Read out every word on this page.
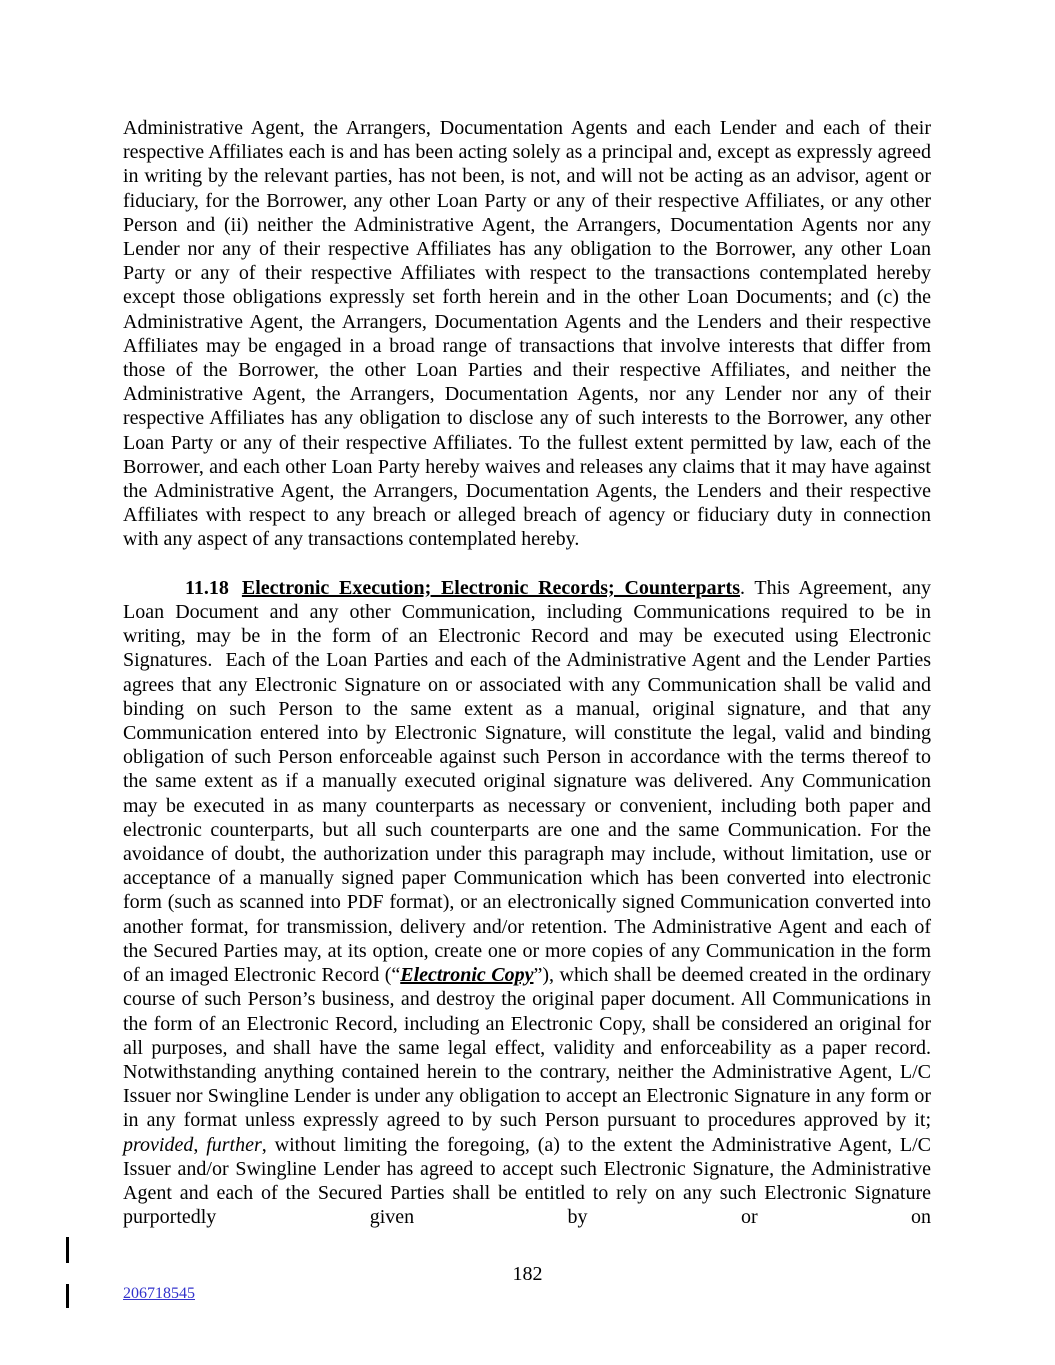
Administrative Agent, the Arrangers, Documentation Agents and each Lender and each of their respective Affiliates each is and has been acting solely as a principal and, except as expressly agreed in writing by the relevant parties, has not been, is not, and will not be acting as an advisor, agent or fiduciary, for the Borrower, any other Loan Party or any of their respective Affiliates, or any other Person and (ii) neither the Administrative Agent, the Arrangers, Documentation Agents nor any Lender nor any of their respective Affiliates has any obligation to the Borrower, any other Loan Party or any of their respective Affiliates with respect to the transactions contemplated hereby except those obligations expressly set forth herein and in the other Loan Documents; and (c) the Administrative Agent, the Arrangers, Documentation Agents and the Lenders and their respective Affiliates may be engaged in a broad range of transactions that involve interests that differ from those of the Borrower, the other Loan Parties and their respective Affiliates, and neither the Administrative Agent, the Arrangers, Documentation Agents, nor any Lender nor any of their respective Affiliates has any obligation to disclose any of such interests to the Borrower, any other Loan Party or any of their respective Affiliates. To the fullest extent permitted by law, each of the Borrower, and each other Loan Party hereby waives and releases any claims that it may have against the Administrative Agent, the Arrangers, Documentation Agents, the Lenders and their respective Affiliates with respect to any breach or alleged breach of agency or fiduciary duty in connection with any aspect of any transactions contemplated hereby.

11.18 Electronic Execution; Electronic Records; Counterparts. This Agreement, any Loan Document and any other Communication, including Communications required to be in writing, may be in the form of an Electronic Record and may be executed using Electronic Signatures.  Each of the Loan Parties and each of the Administrative Agent and the Lender Parties agrees that any Electronic Signature on or associated with any Communication shall be valid and binding on such Person to the same extent as a manual, original signature, and that any Communication entered into by Electronic Signature, will constitute the legal, valid and binding obligation of such Person enforceable against such Person in accordance with the terms thereof to the same extent as if a manually executed original signature was delivered. Any Communication may be executed in as many counterparts as necessary or convenient, including both paper and electronic counterparts, but all such counterparts are one and the same Communication. For the avoidance of doubt, the authorization under this paragraph may include, without limitation, use or acceptance of a manually signed paper Communication which has been converted into electronic form (such as scanned into PDF format), or an electronically signed Communication converted into another format, for transmission, delivery and/or retention. The Administrative Agent and each of the Secured Parties may, at its option, create one or more copies of any Communication in the form of an imaged Electronic Record (“Electronic Copy”), which shall be deemed created in the ordinary course of such Person’s business, and destroy the original paper document. All Communications in the form of an Electronic Record, including an Electronic Copy, shall be considered an original for all purposes, and shall have the same legal effect, validity and enforceability as a paper record. Notwithstanding anything contained herein to the contrary, neither the Administrative Agent, L/C Issuer nor Swingline Lender is under any obligation to accept an Electronic Signature in any form or in any format unless expressly agreed to by such Person pursuant to procedures approved by it; provided, further, without limiting the foregoing, (a) to the extent the Administrative Agent, L/C Issuer and/or Swingline Lender has agreed to accept such Electronic Signature, the Administrative Agent and each of the Secured Parties shall be entitled to rely on any such Electronic Signature purportedly given by or on

182
206718545
